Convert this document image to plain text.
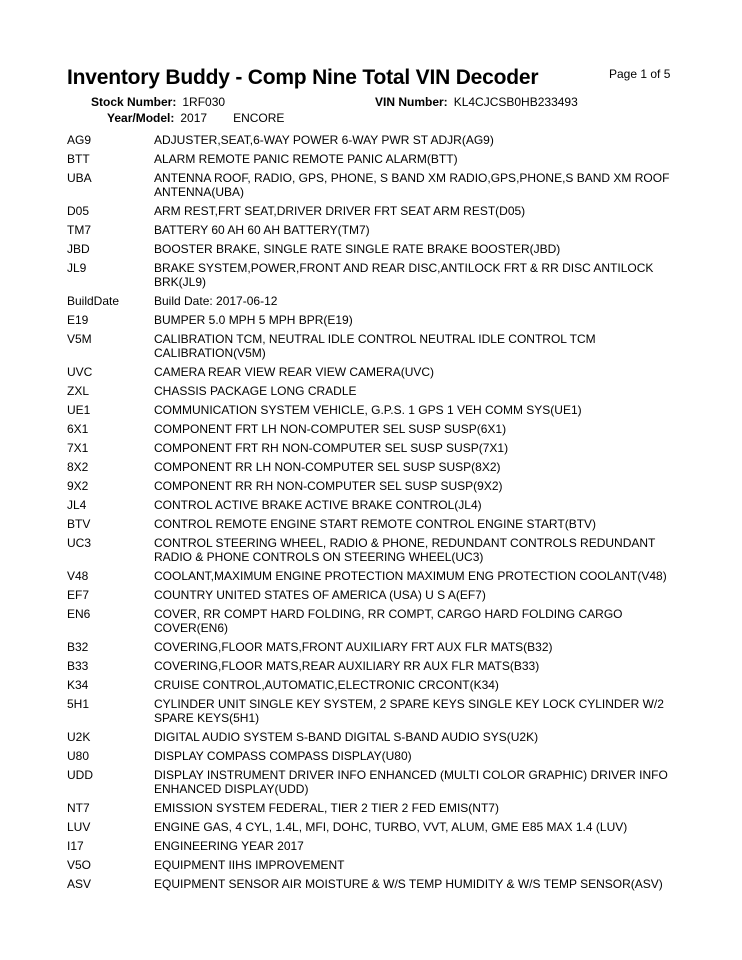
Inventory Buddy - Comp Nine Total VIN Decoder	Page 1 of 5
Stock Number: 1RF030	VIN Number: KL4CJCSB0HB233493
Year/Model: 2017 ENCORE
AG9	ADJUSTER,SEAT,6-WAY POWER 6-WAY PWR ST ADJR(AG9)
BTT	ALARM REMOTE PANIC REMOTE PANIC ALARM(BTT)
UBA	ANTENNA ROOF, RADIO, GPS, PHONE, S BAND XM RADIO,GPS,PHONE,S BAND XM ROOF ANTENNA(UBA)
D05	ARM REST,FRT SEAT,DRIVER DRIVER FRT SEAT ARM REST(D05)
TM7	BATTERY 60 AH 60 AH BATTERY(TM7)
JBD	BOOSTER BRAKE, SINGLE RATE SINGLE RATE BRAKE BOOSTER(JBD)
JL9	BRAKE SYSTEM,POWER,FRONT AND REAR DISC,ANTILOCK FRT & RR DISC ANTILOCK BRK(JL9)
BuildDate	Build Date: 2017-06-12
E19	BUMPER 5.0 MPH 5 MPH BPR(E19)
V5M	CALIBRATION TCM, NEUTRAL IDLE CONTROL NEUTRAL IDLE CONTROL TCM CALIBRATION(V5M)
UVC	CAMERA REAR VIEW REAR VIEW CAMERA(UVC)
ZXL	CHASSIS PACKAGE LONG CRADLE
UE1	COMMUNICATION SYSTEM VEHICLE, G.P.S. 1 GPS 1 VEH COMM SYS(UE1)
6X1	COMPONENT FRT LH NON-COMPUTER SEL SUSP SUSP(6X1)
7X1	COMPONENT FRT RH NON-COMPUTER SEL SUSP SUSP(7X1)
8X2	COMPONENT RR LH NON-COMPUTER SEL SUSP SUSP(8X2)
9X2	COMPONENT RR RH NON-COMPUTER SEL SUSP SUSP(9X2)
JL4	CONTROL ACTIVE BRAKE ACTIVE BRAKE CONTROL(JL4)
BTV	CONTROL REMOTE ENGINE START REMOTE CONTROL ENGINE START(BTV)
UC3	CONTROL STEERING WHEEL, RADIO & PHONE, REDUNDANT CONTROLS REDUNDANT RADIO & PHONE CONTROLS ON STEERING WHEEL(UC3)
V48	COOLANT,MAXIMUM ENGINE PROTECTION MAXIMUM ENG PROTECTION COOLANT(V48)
EF7	COUNTRY UNITED STATES OF AMERICA (USA) U S A(EF7)
EN6	COVER, RR COMPT HARD FOLDING, RR COMPT, CARGO HARD FOLDING CARGO COVER(EN6)
B32	COVERING,FLOOR MATS,FRONT AUXILIARY FRT AUX FLR MATS(B32)
B33	COVERING,FLOOR MATS,REAR AUXILIARY RR AUX FLR MATS(B33)
K34	CRUISE CONTROL,AUTOMATIC,ELECTRONIC CRCONT(K34)
5H1	CYLINDER UNIT SINGLE KEY SYSTEM, 2 SPARE KEYS SINGLE KEY LOCK CYLINDER W/2 SPARE KEYS(5H1)
U2K	DIGITAL AUDIO SYSTEM S-BAND DIGITAL S-BAND AUDIO SYS(U2K)
U80	DISPLAY COMPASS COMPASS DISPLAY(U80)
UDD	DISPLAY INSTRUMENT DRIVER INFO ENHANCED (MULTI COLOR GRAPHIC) DRIVER INFO ENHANCED DISPLAY(UDD)
NT7	EMISSION SYSTEM FEDERAL, TIER 2 TIER 2 FED EMIS(NT7)
LUV	ENGINE GAS, 4 CYL, 1.4L, MFI, DOHC, TURBO, VVT, ALUM, GME E85 MAX 1.4 (LUV)
I17	ENGINEERING YEAR 2017
V5O	EQUIPMENT IIHS IMPROVEMENT
ASV	EQUIPMENT SENSOR AIR MOISTURE & W/S TEMP HUMIDITY & W/S TEMP SENSOR(ASV)
